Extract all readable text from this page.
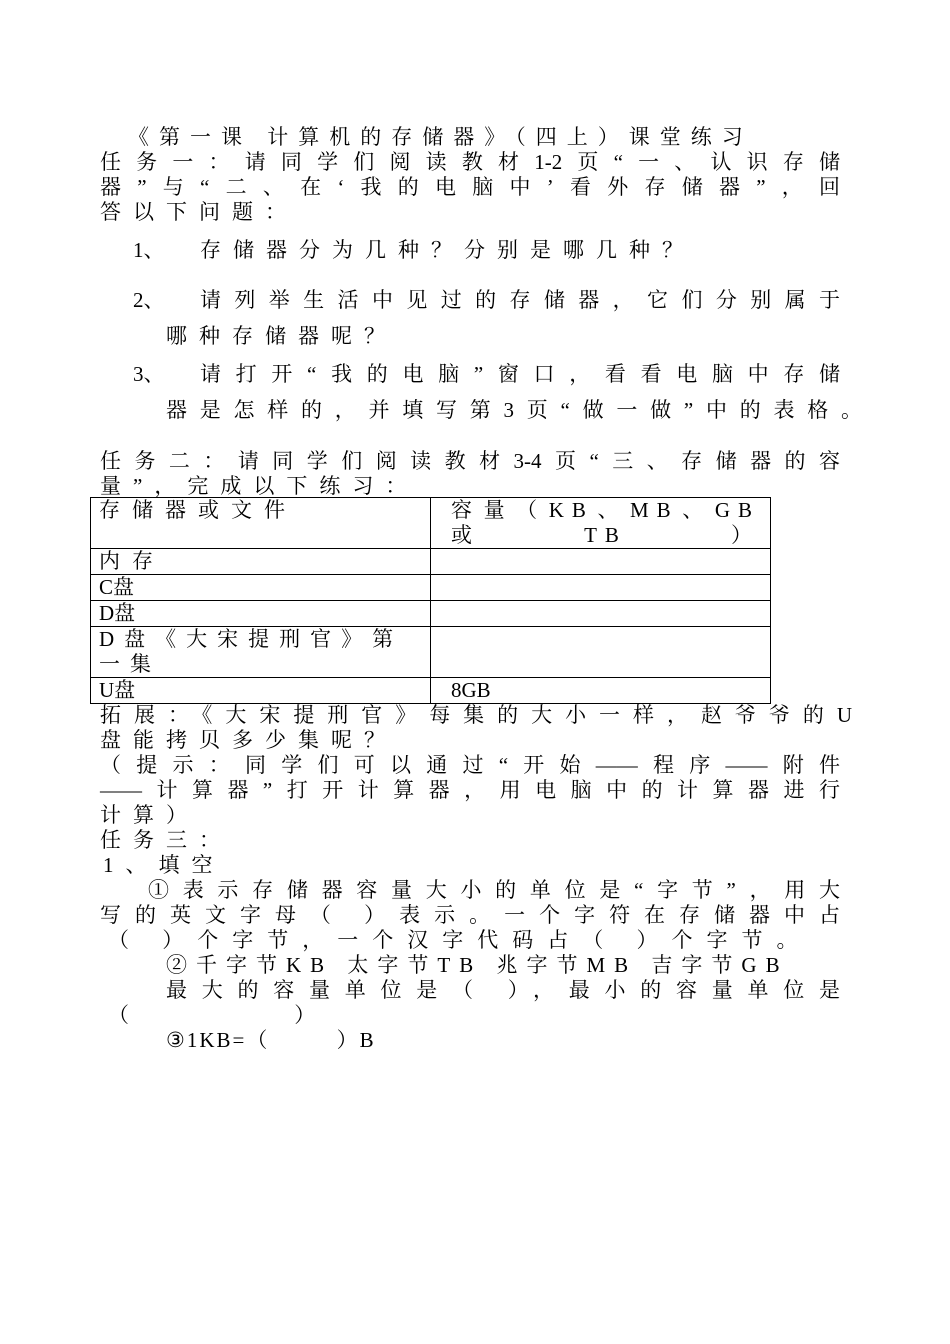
《第一课 计算机的存储器》（四上）课堂练习
任务一：请同学们阅读教材1-2页“一、认识存储
器”与“二、在‘我的电脑中’看外存储器”，回
答以下问题：
1、 存储器分为几种？分别是哪几种？
2、 请列举生活中见过的存储器，它们分别属于
哪种存储器呢？
3、 请打开“我的电脑”窗口，看看电脑中存储
器是怎样的，并填写第3页“做一做”中的表格。
任务二：请同学们阅读教材3-4页“三、存储器的容
量”，完成以下练习：
存储器或文件	容量（KB、MB、GB或TB）

内存	
C盘	
D盘	

D盘《大宋提刑官》第一集	

U盘	8GB
拓展：《大宋提刑官》每集的大小一样，赵爷爷的U
盘能拷贝多少集呢？
（提示：同学们可以通过“开始——程序——附件
——计算器”打开计算器，用电脑中的计算器进行
计算）
任务三：
1、填空
①表示存储器容量大小的单位是“字节”，用大
写的英文字母（ ）表示。一个字符在存储器中占
（ ）个字节，一个汉字代码占（ ）个字节。
②千字节KB 太字节TB 兆字节MB 吉字节GB
最大的容量单位是（ ），最小的容量单位是
（ ）
③1KB=（ ）B
